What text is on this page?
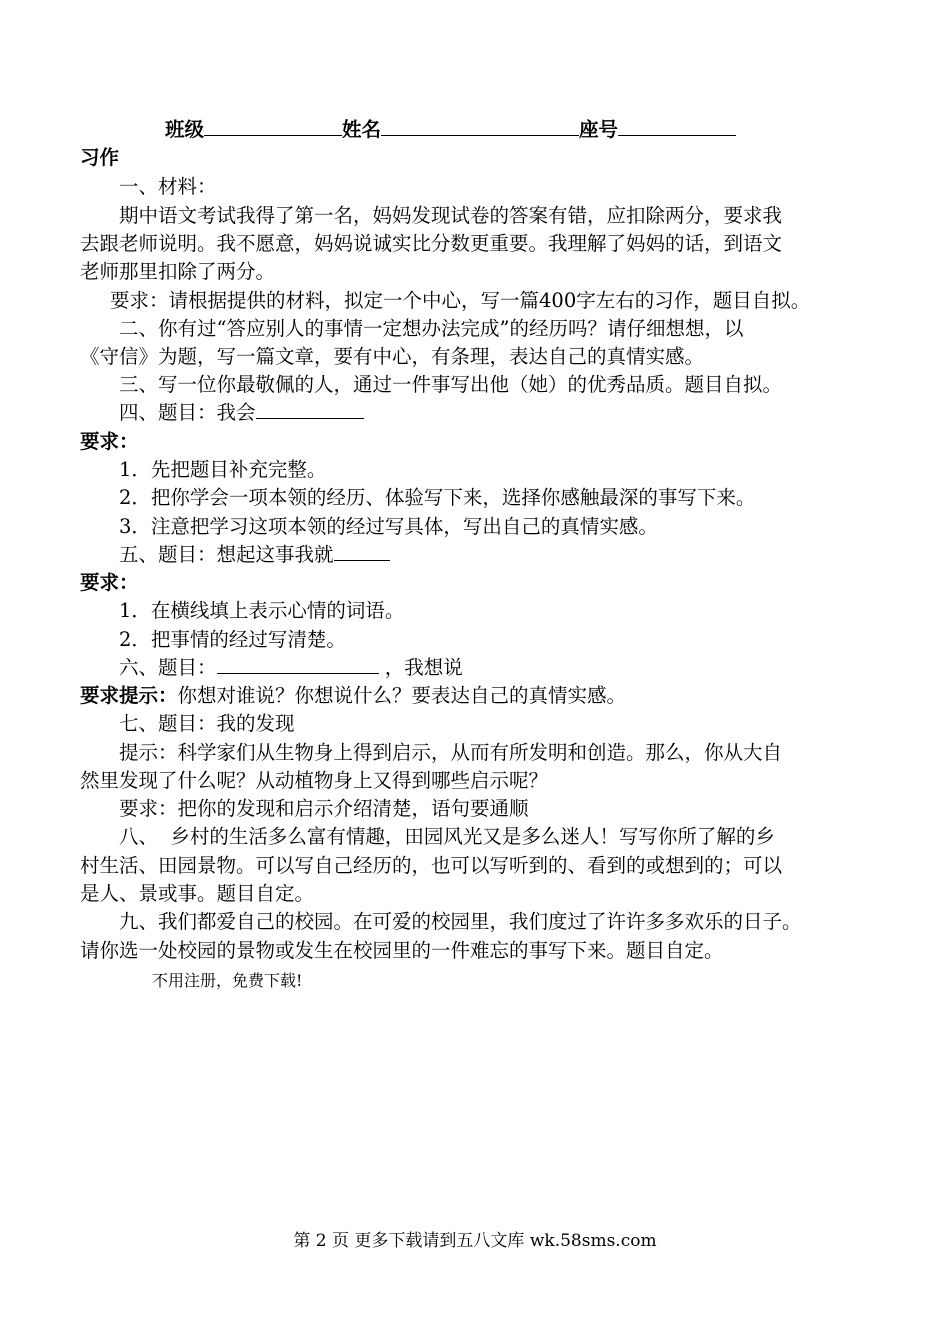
班级	姓名	座号
习作
一、材料：
期中语文考试我得了第一名，妈妈发现试卷的答案有错，应扣除两分，要求我
去跟老师说明。我不愿意，妈妈说诚实比分数更重要。我理解了妈妈的话，到语文
老师那里扣除了两分。
要求：请根据提供的材料，拟定一个中心，写一篇400字左右的习作，题目自拟。
二、你有过“答应别人的事情一定想办法完成”的经历吗？请仔细想想，以
《守信》为题，写一篇文章，要有中心，有条理，表达自己的真情实感。
三、写一位你最敬佩的人，通过一件事写出他（她）的优秀品质。题目自拟。
四、题目：我会
要求：
1．先把题目补充完整。
2．把你学会一项本领的经历、体验写下来，选择你感触最深的事写下来。
3．注意把学习这项本领的经过写具体，写出自己的真情实感。
五、题目：想起这事我就
要求：
1．在横线填上表示心情的词语。
2．把事情的经过写清楚。
六、题目：	，我想说
要求提示：你想对谁说？你想说什么？要表达自己的真情实感。
七、题目：我的发现
提示：科学家们从生物身上得到启示，从而有所发明和创造。那么，你从大自
然里发现了什么呢？从动植物身上又得到哪些启示呢？
要求：把你的发现和启示介绍清楚，语句要通顺
八、  乡村的生活多么富有情趣，田园风光又是多么迷人！写写你所了解的乡
村生活、田园景物。可以写自己经历的，也可以写听到的、看到的或想到的；可以
是人、景或事。题目自定。
九、我们都爱自己的校园。在可爱的校园里，我们度过了许许多多欢乐的日子。
请你选一处校园的景物或发生在校园里的一件难忘的事写下来。题目自定。
不用注册，免费下载!
第 2 页 更多下载请到五八文库 wk.58sms.com
